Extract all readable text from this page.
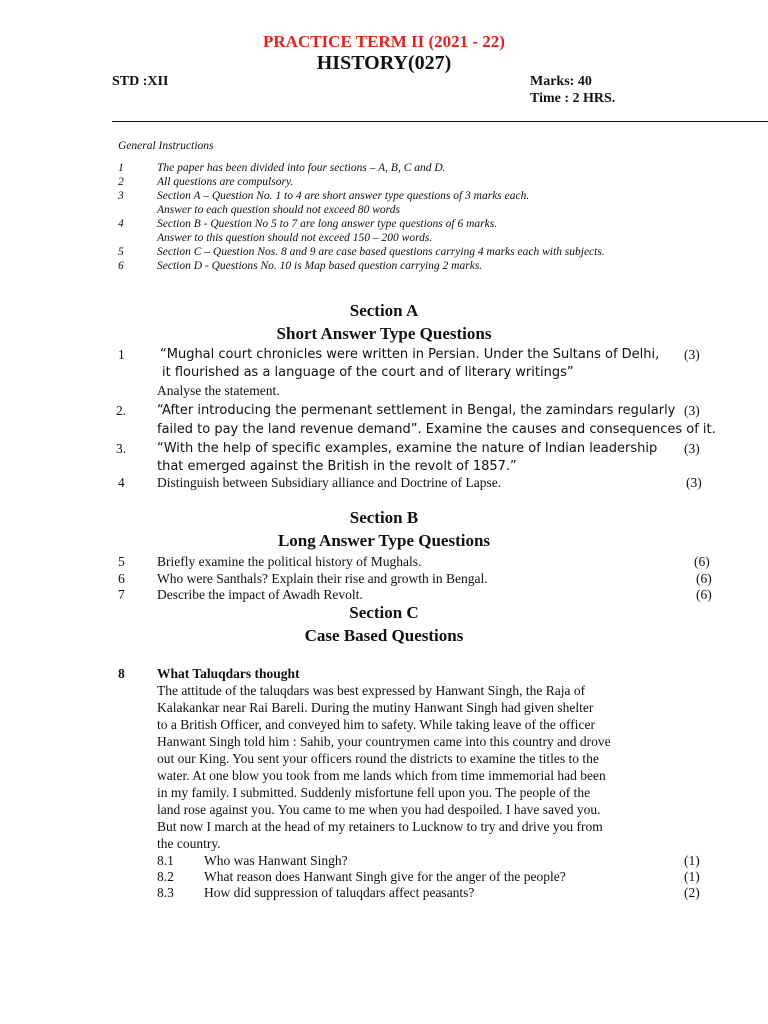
PRACTICE TERM II (2021 - 22)
HISTORY(027)
STD :XII	Marks: 40
Time : 2 HRS.
General Instructions
1	The paper has been divided into four sections – A, B, C and D.
2	All questions are compulsory.
3	Section A – Question No. 1 to 4 are short answer type questions of 3 marks each.
Answer to each question should not exceed 80 words
4	Section B - Question No 5 to 7 are long answer type questions of 6 marks.
Answer to this question should not exceed 150 – 200 words.
5	Section C – Question Nos. 8 and 9 are case based questions carrying 4 marks each with subjects.
6	Section D - Questions No. 10 is Map based question carrying 2 marks.
Section A
Short Answer Type Questions
1	“Mughal court chronicles were written in Persian. Under the Sultans of Delhi, (3)
it flourished as a language of the court and of literary writings”
Analyse the statement.
2. “After introducing the permenant settlement in Bengal, the zamindars regularly (3)
failed to pay the land revenue demand”. Examine the causes and consequences of it.
3. “With the help of specific examples, examine the nature of Indian leadership (3)
that emerged against the British in the revolt of 1857.”
4 Distinguish between Subsidiary alliance and Doctrine of Lapse.	(3)
Section B
Long Answer Type Questions
5 Briefly examine the political history of Mughals.	(6)
6 Who were Santhals? Explain their rise and growth in Bengal.	(6)
7 Describe the impact of Awadh Revolt.	(6)
Section C
Case Based Questions
8 What Taluqdars thought
The attitude of the taluqdars was best expressed by Hanwant Singh, the Raja of
Kalakankar near Rai Bareli. During the mutiny Hanwant Singh had given shelter
to a British Officer, and conveyed him to safety. While taking leave of the officer
Hanwant Singh told him : Sahib, your countrymen came into this country and drove
out our King. You sent your officers round the districts to examine the titles to the
water. At one blow you took from me lands which from time immemorial had been
in my family. I submitted. Suddenly misfortune fell upon you. The people of the
land rose against you. You came to me when you had despoiled. I have saved you.
But now I march at the head of my retainers to Lucknow to try and drive you from
the country.
8.1 Who was Hanwant Singh?	(1)
8.2 What reason does Hanwant Singh give for the anger of the people?	(1)
8.3 How did suppression of taluqdars affect peasants?	(2)
